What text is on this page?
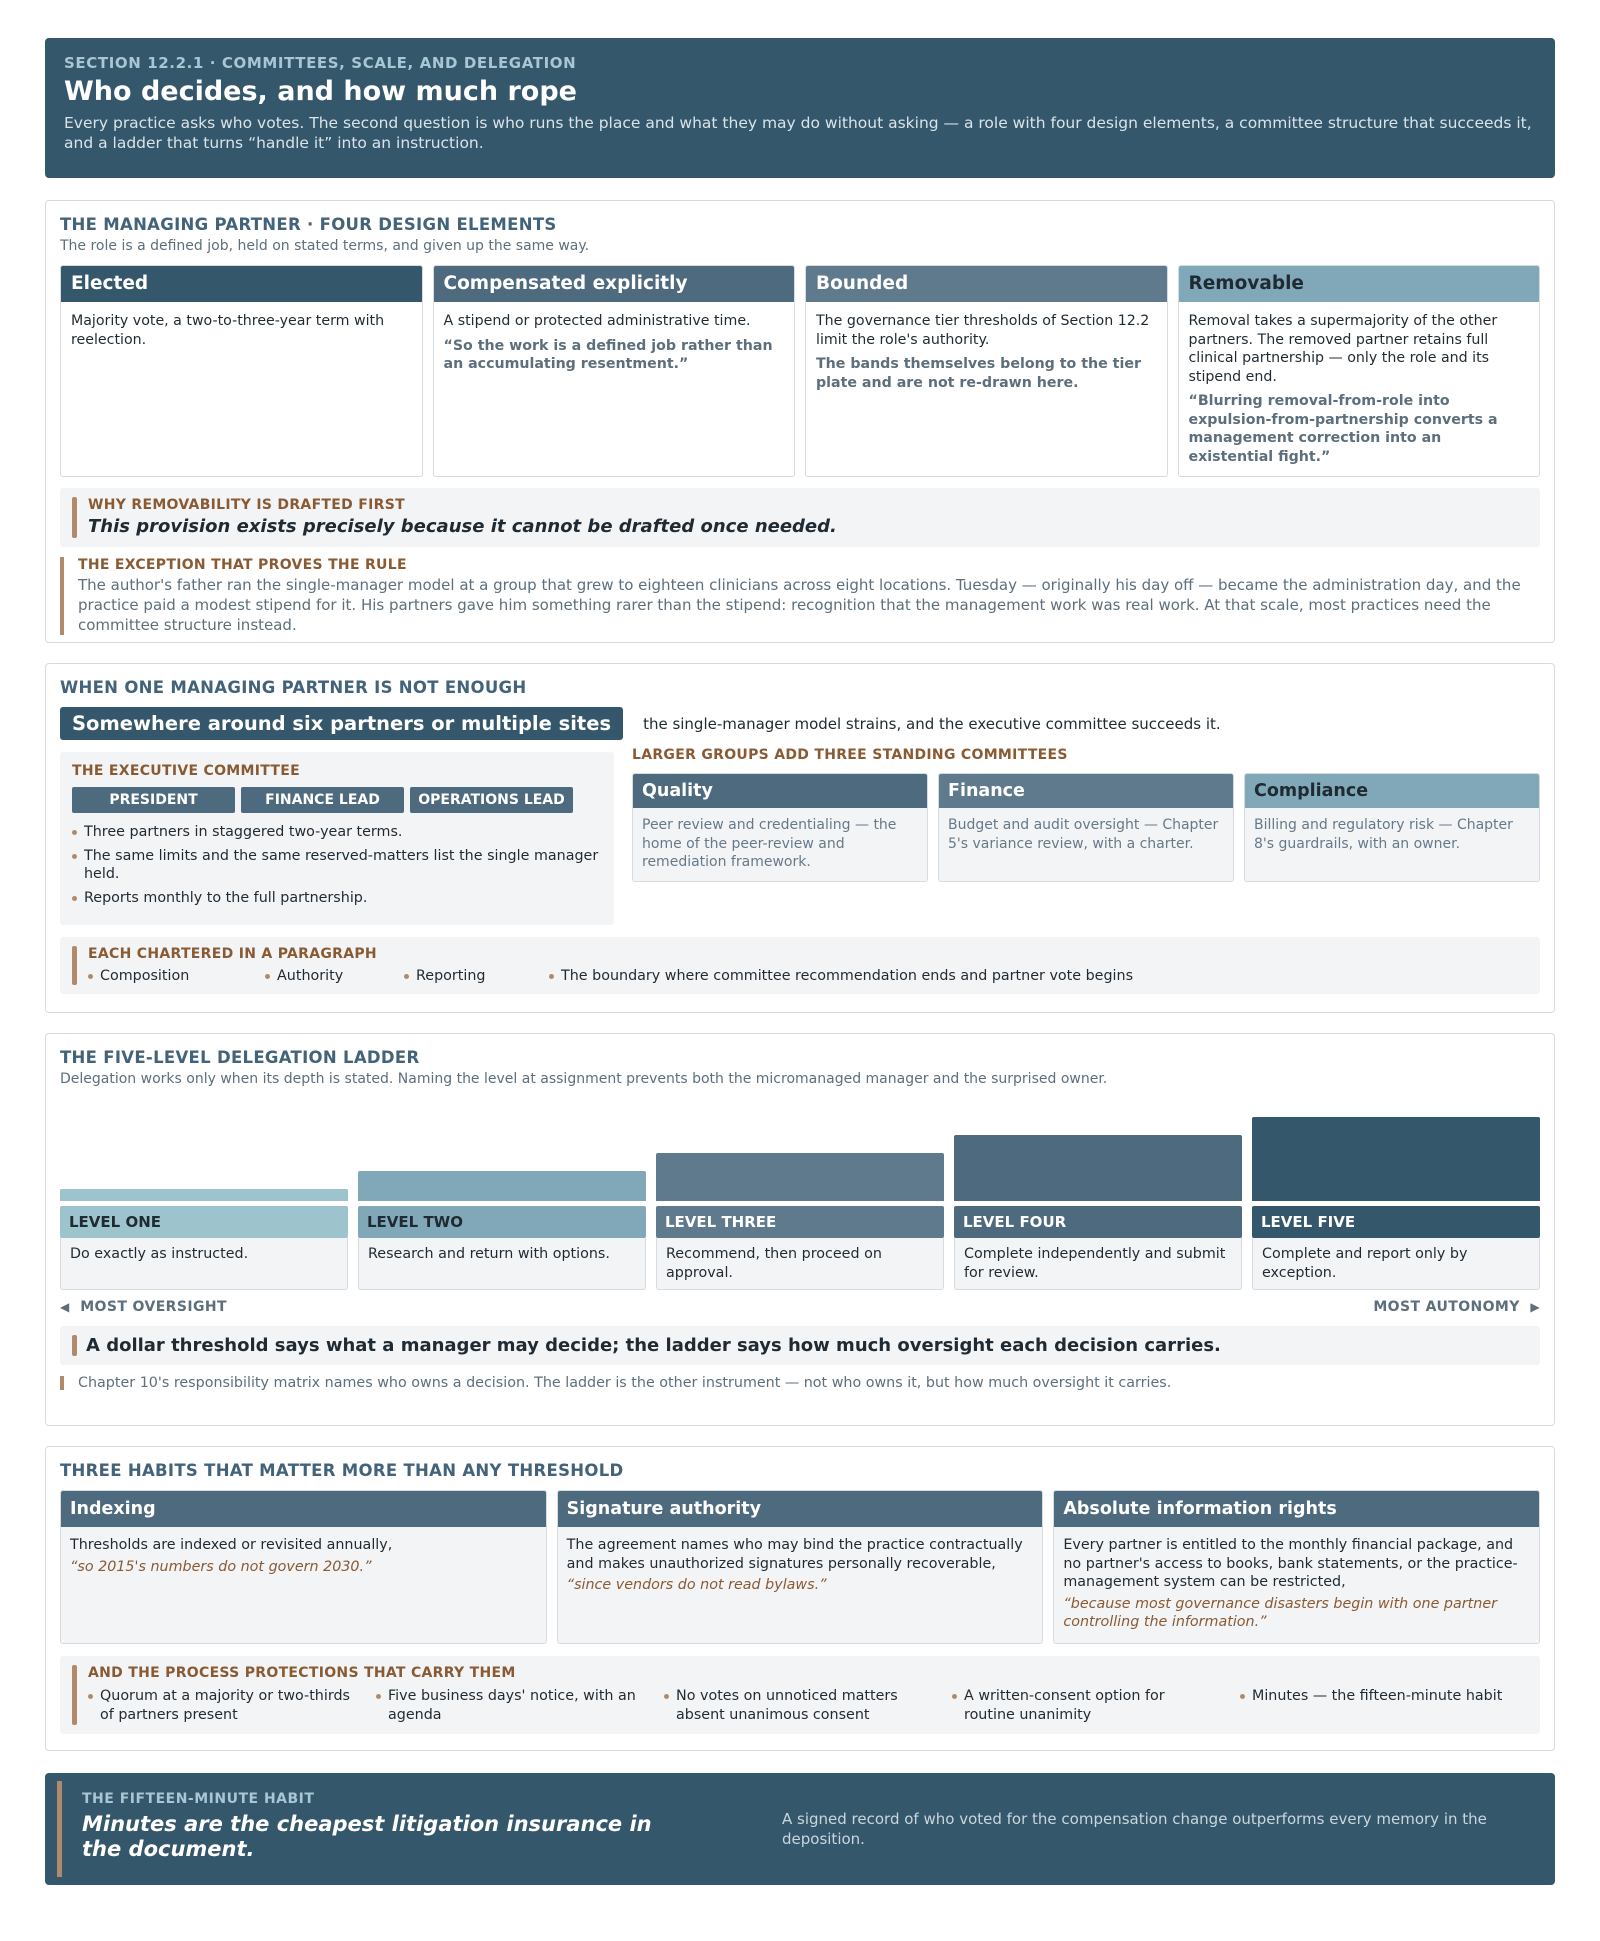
SECTION 12.2.1 · COMMITTEES, SCALE, AND DELEGATION
Who decides, and how much rope
Every practice asks who votes. The second question is who runs the place and what they may do without asking — a role with four design elements, a committee structure that succeeds it, and a ladder that turns “handle it” into an instruction.
THE MANAGING PARTNER · FOUR DESIGN ELEMENTS
The role is a defined job, held on stated terms, and given up the same way.
Elected
Majority vote, a two-to-three-year term with reelection.
Compensated explicitly
A stipend or protected administrative time.
“So the work is a defined job rather than an accumulating resentment.”
Bounded
The governance tier thresholds of Section 12.2 limit the role's authority.
The bands themselves belong to the tier plate and are not re-drawn here.
Removable
Removal takes a supermajority of the other partners. The removed partner retains full clinical partnership — only the role and its stipend end.
“Blurring removal-from-role into expulsion-from-partnership converts a management correction into an existential fight.”
WHY REMOVABILITY IS DRAFTED FIRST
This provision exists precisely because it cannot be drafted once needed.
THE EXCEPTION THAT PROVES THE RULE
The author's father ran the single-manager model at a group that grew to eighteen clinicians across eight locations. Tuesday — originally his day off — became the administration day, and the practice paid a modest stipend for it. His partners gave him something rarer than the stipend: recognition that the management work was real work. At that scale, most practices need the committee structure instead.
WHEN ONE MANAGING PARTNER IS NOT ENOUGH
Somewhere around six partners or multiple sites	the single-manager model strains, and the executive committee succeeds it.
THE EXECUTIVE COMMITTEE
PRESIDENT	FINANCE LEAD	OPERATIONS LEAD
Three partners in staggered two-year terms.
The same limits and the same reserved-matters list the single manager held.
Reports monthly to the full partnership.
LARGER GROUPS ADD THREE STANDING COMMITTEES
Quality
Peer review and credentialing — the home of the peer-review and remediation framework.
Finance
Budget and audit oversight — Chapter 5's variance review, with a charter.
Compliance
Billing and regulatory risk — Chapter 8's guardrails, with an owner.
EACH CHARTERED IN A PARAGRAPH
Composition	Authority	Reporting	The boundary where committee recommendation ends and partner vote begins
THE FIVE-LEVEL DELEGATION LADDER
Delegation works only when its depth is stated. Naming the level at assignment prevents both the micromanaged manager and the surprised owner.
LEVEL ONE
Do exactly as instructed.
LEVEL TWO
Research and return with options.
LEVEL THREE
Recommend, then proceed on approval.
LEVEL FOUR
Complete independently and submit for review.
LEVEL FIVE
Complete and report only by exception.
◀ MOST OVERSIGHT	MOST AUTONOMY ▶
A dollar threshold says what a manager may decide; the ladder says how much oversight each decision carries.
Chapter 10's responsibility matrix names who owns a decision. The ladder is the other instrument — not who owns it, but how much oversight it carries.
THREE HABITS THAT MATTER MORE THAN ANY THRESHOLD
Indexing
Thresholds are indexed or revisited annually,
“so 2015's numbers do not govern 2030.”
Signature authority
The agreement names who may bind the practice contractually and makes unauthorized signatures personally recoverable,
“since vendors do not read bylaws.”
Absolute information rights
Every partner is entitled to the monthly financial package, and no partner's access to books, bank statements, or the practice-management system can be restricted,
“because most governance disasters begin with one partner controlling the information.”
AND THE PROCESS PROTECTIONS THAT CARRY THEM
Quorum at a majority or two-thirds of partners present
Five business days' notice, with an agenda
No votes on unnoticed matters absent unanimous consent
A written-consent option for routine unanimity
Minutes — the fifteen-minute habit
THE FIFTEEN-MINUTE HABIT
Minutes are the cheapest litigation insurance in the document.
A signed record of who voted for the compensation change outperforms every memory in the deposition.
